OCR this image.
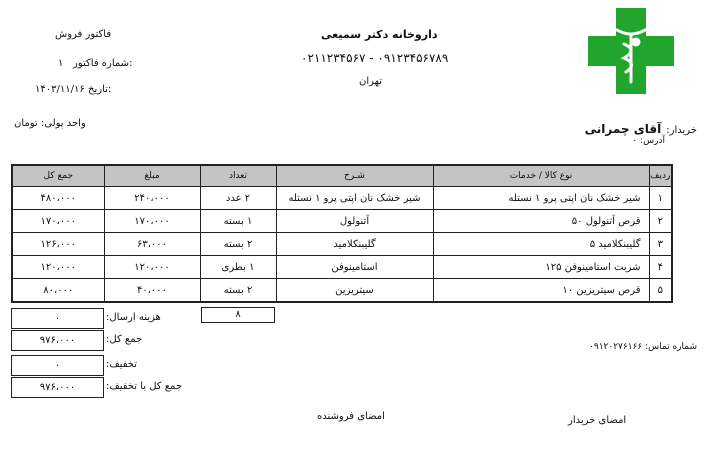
فاکتور فروش
شماره فاکتور:
۱
تاریخ:
۱۴۰۳/۱۱/۱۶
واحد پولی: تومان
داروخانه دکتر سمیعی
۰۲۱۱۲۳۴۵۶۷ - ۰۹۱۲۳۴۵۶۷۸۹
تهران
خریدار: آقای چمرانی
آدرس: ۰
جمع کل	مبلغ	تعداد	شـرح	نوع کالا / خدمات	ردیف
۴۸۰،۰۰۰	۲۴۰،۰۰۰	۲ عدد	شیر خشک نان اپتی پرو ۱ نستله	شیر خشک نان اپتی پرو ۱ نستله	۱
۱۷۰،۰۰۰	۱۷۰،۰۰۰	۱ بسته	آتنولول	قرص آتنولول ۵۰	۲
۱۲۶،۰۰۰	۶۳،۰۰۰	۲ بسته	گلیبنکلامید	گلیبنکلامید ۵	۳
۱۲۰،۰۰۰	۱۲۰،۰۰۰	۱ بطری	استامینوفن	شربت استامینوفن ۱۲۵	۴
۸۰،۰۰۰	۴۰،۰۰۰	۲ بسته	سیتریزین	قرص سیتریزین ۱۰	۵
۸
۰	هزینه ارسال:
۹۷۶،۰۰۰	جمع کل:
۰	تخفیف:
۹۷۶،۰۰۰	جمع کل با تخفیف:
شماره تماس: ۰۹۱۲۰۲۷۶۱۶۶
امضای خریدار
امضای فروشنده
